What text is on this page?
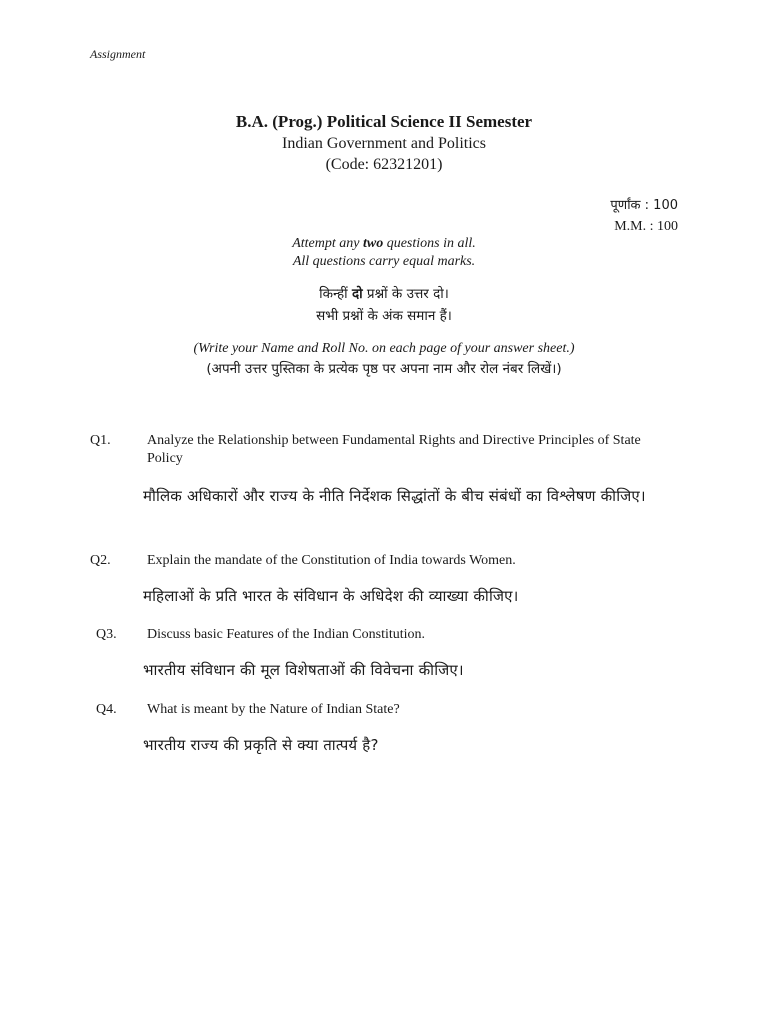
Assignment
B.A. (Prog.) Political Science II Semester
Indian Government and Politics
(Code: 62321201)
पूर्णांक : 100
M.M. : 100
Attempt any two questions in all.
All questions carry equal marks.
किन्हीं दो प्रश्नों के उत्तर दो।
सभी प्रश्नों के अंक समान हैं।
(Write your Name and Roll No. on each page of your answer sheet.)
(अपनी उत्तर पुस्तिका के प्रत्येक पृष्ठ पर अपना नाम और रोल नंबर लिखें।)
Q1.	Analyze the Relationship between Fundamental Rights and Directive Principles of State Policy
मौलिक अधिकारों और राज्य के नीति निर्देशक सिद्धांतों के बीच संबंधों का विश्लेषण कीजिए।
Q2.	Explain the mandate of the Constitution of India towards Women.
महिलाओं के प्रति भारत के संविधान के अधिदेश की व्याख्या कीजिए।
Q3. Discuss basic Features of the Indian Constitution.
भारतीय संविधान की मूल विशेषताओं की विवेचना कीजिए।
Q4. What is meant by the Nature of Indian State?
भारतीय राज्य की प्रकृति से क्या तात्पर्य है?
